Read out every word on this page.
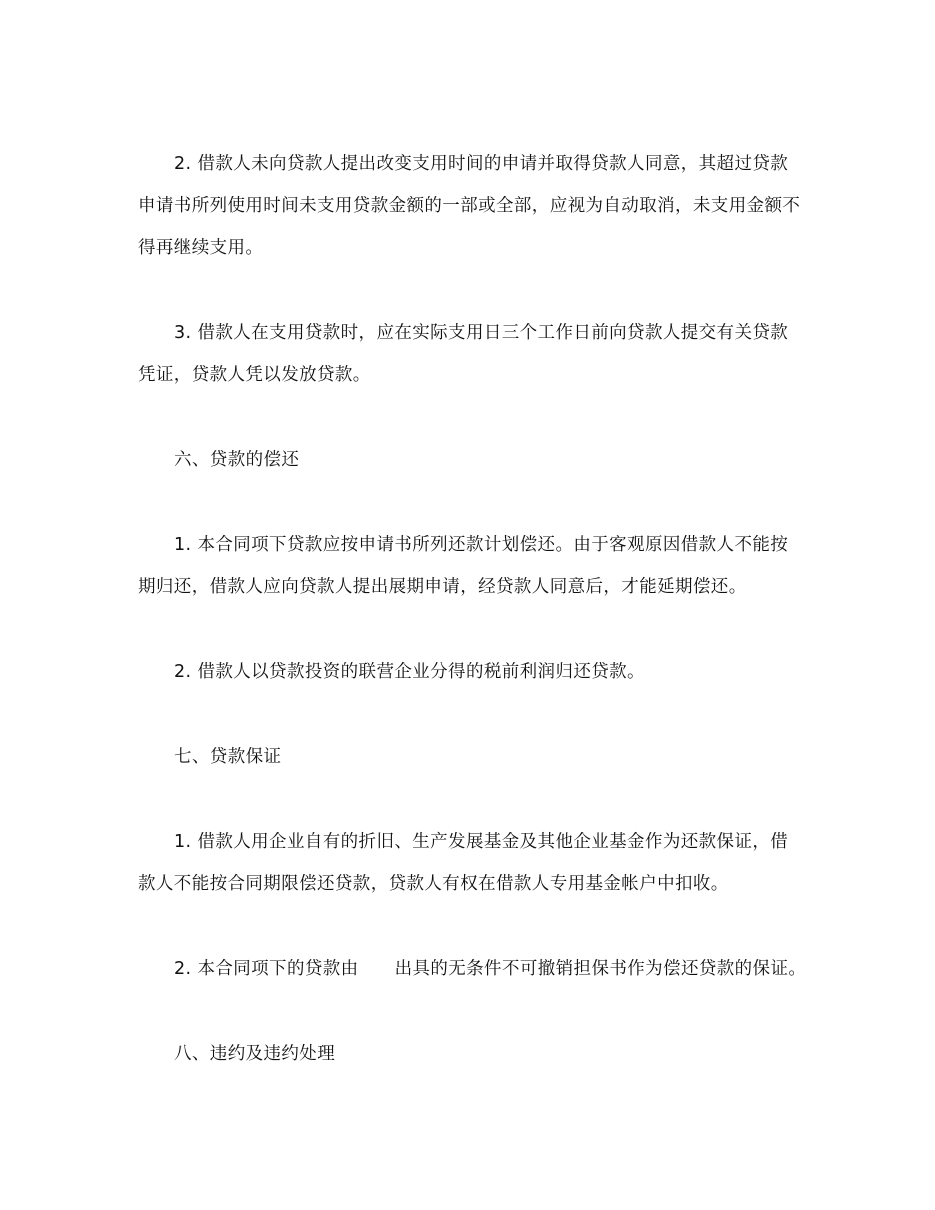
2. 借款人未向贷款人提出改变支用时间的申请并取得贷款人同意，其超过贷款申请书所列使用时间未支用贷款金额的一部或全部，应视为自动取消，未支用金额不得再继续支用。

3. 借款人在支用贷款时，应在实际支用日三个工作日前向贷款人提交有关贷款凭证，贷款人凭以发放贷款。

六、贷款的偿还

1. 本合同项下贷款应按申请书所列还款计划偿还。由于客观原因借款人不能按期归还，借款人应向贷款人提出展期申请，经贷款人同意后，才能延期偿还。

2. 借款人以贷款投资的联营企业分得的税前利润归还贷款。

七、贷款保证

1. 借款人用企业自有的折旧、生产发展基金及其他企业基金作为还款保证，借款人不能按合同期限偿还贷款，贷款人有权在借款人专用基金帐户中扣收。

2. 本合同项下的贷款由 出具的无条件不可撤销担保书作为偿还贷款的保证。

八、违约及违约处理
